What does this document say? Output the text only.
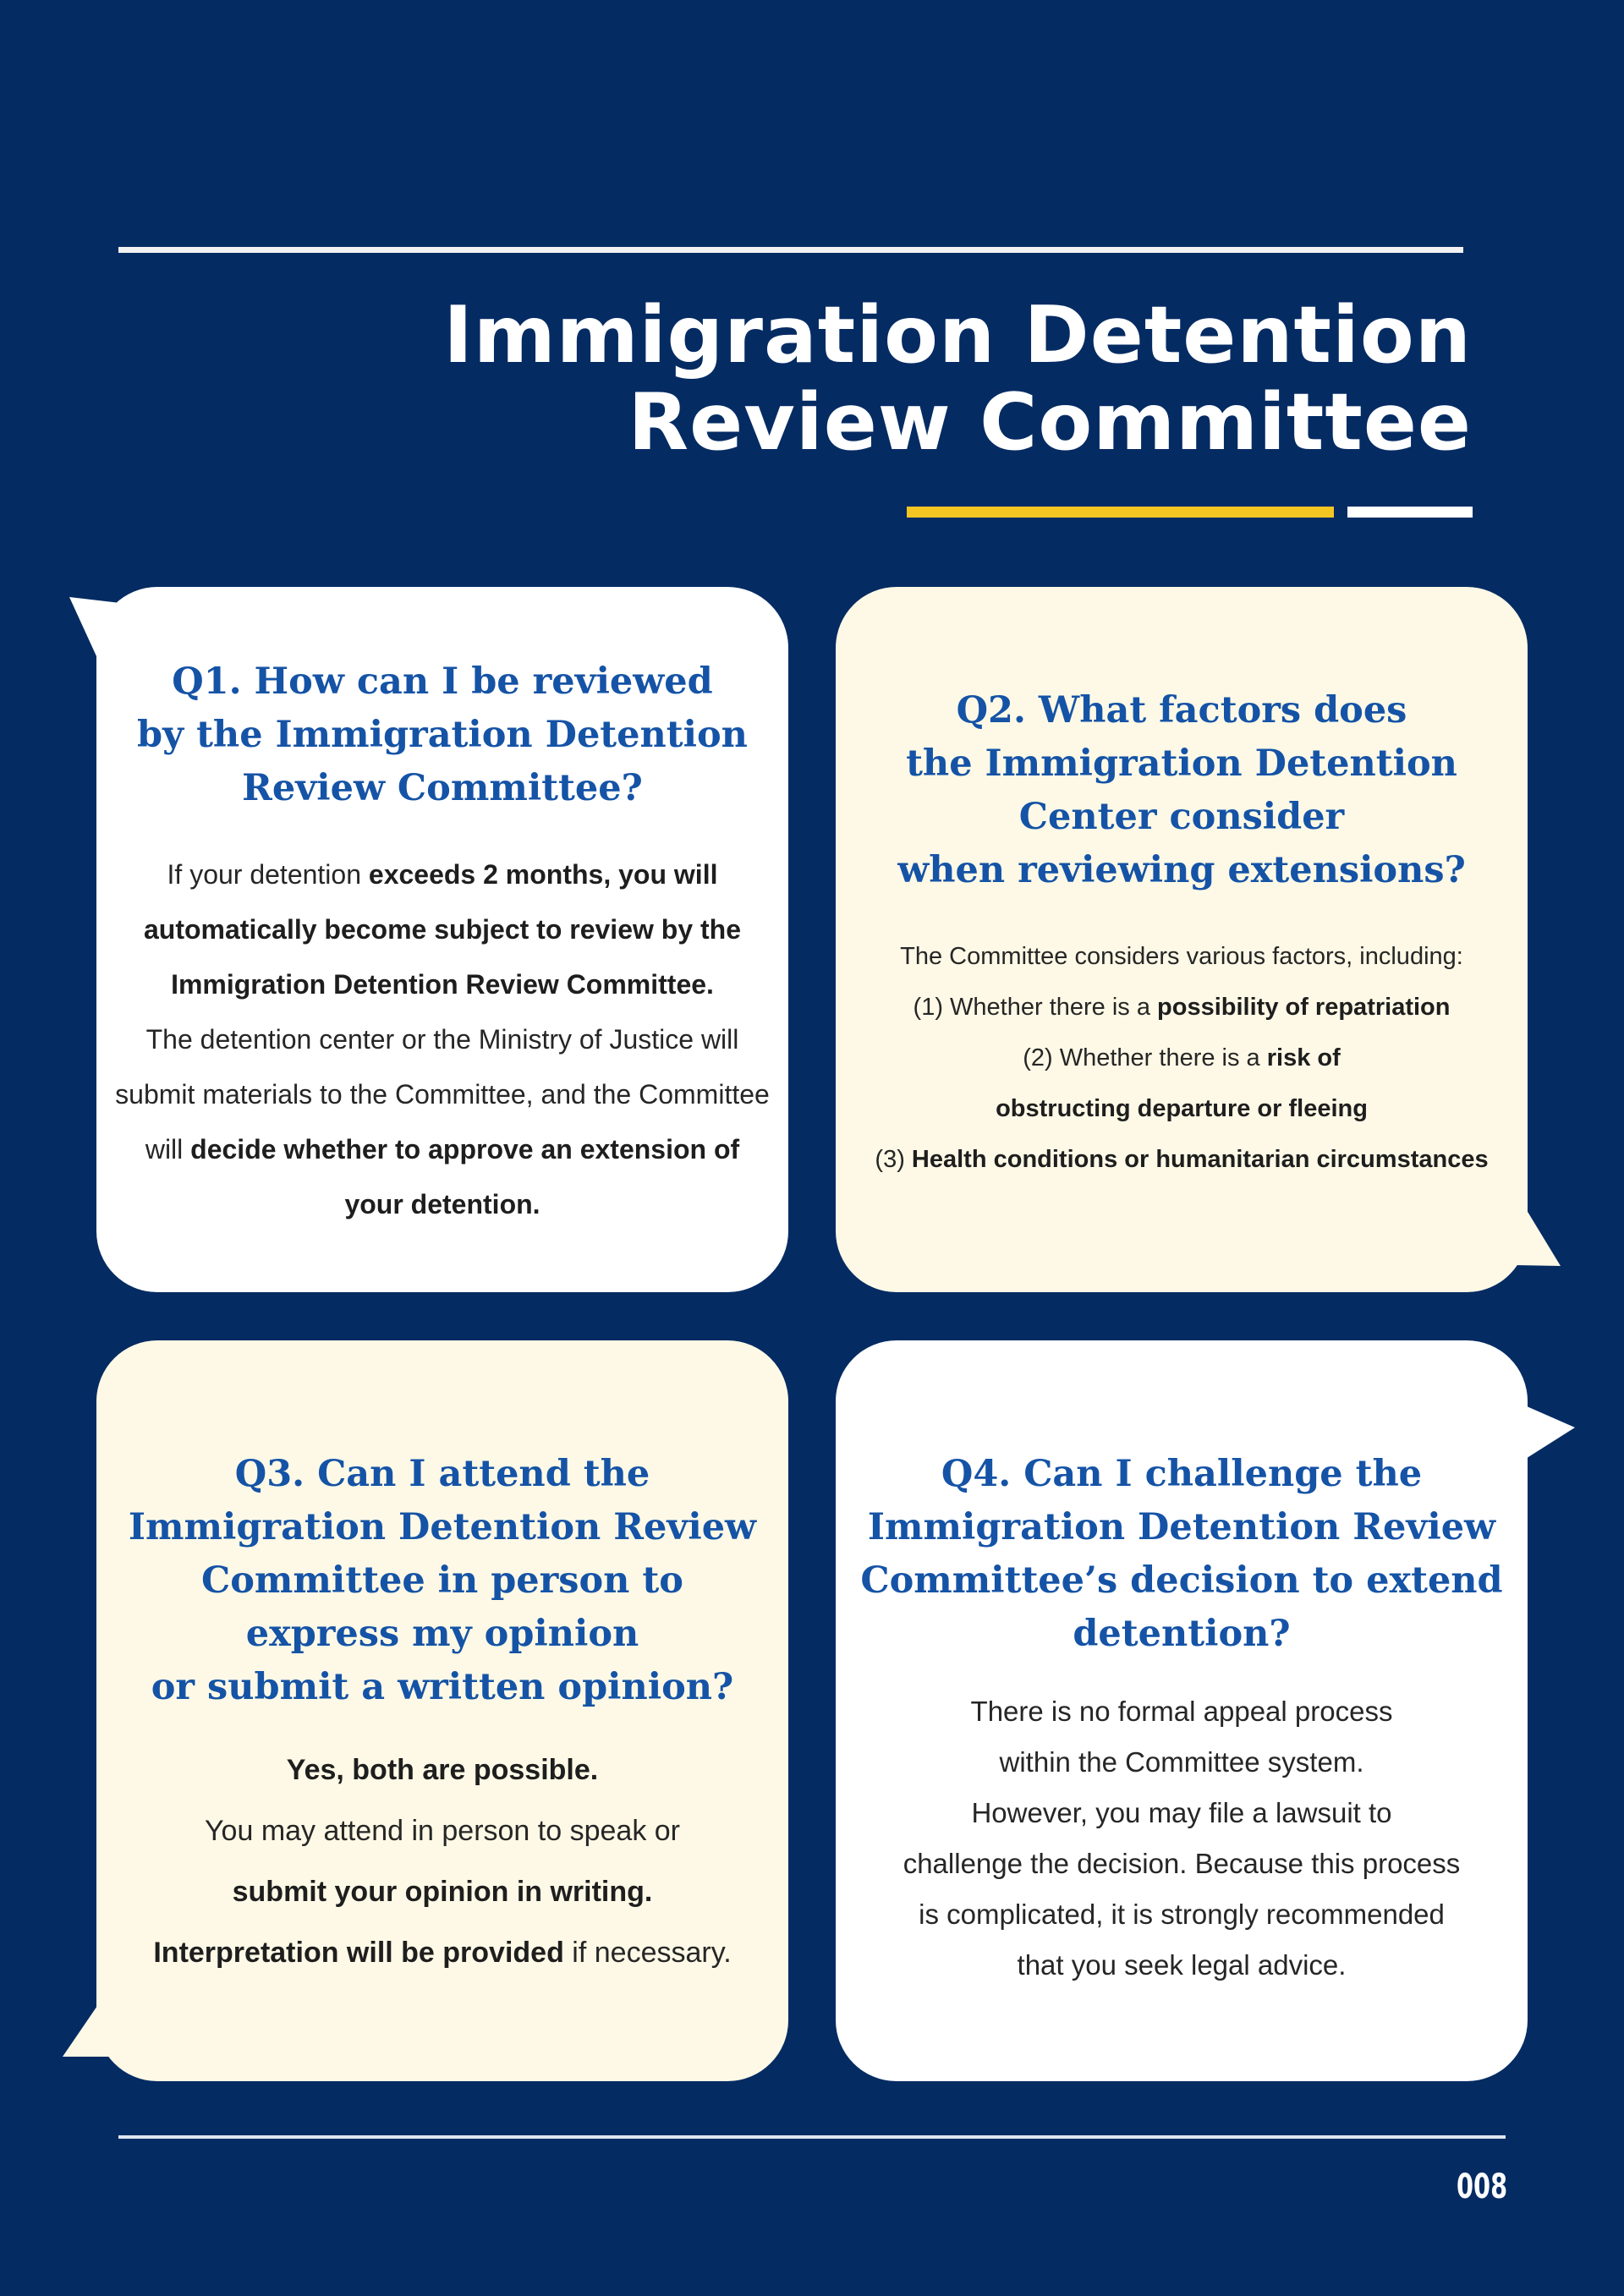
Immigration Detention
Review Committee
Q1. How can I be reviewed
by the Immigration Detention
Review Committee?

If your detention exceeds 2 months, you will automatically become subject to review by the Immigration Detention Review Committee.

The detention center or the Ministry of Justice will submit materials to the Committee, and the Committee will decide whether to approve an extension of your detention.

Q2. What factors does
the Immigration Detention
Center consider
when reviewing extensions?

The Committee considers various factors, including:

(1) Whether there is a possibility of repatriation

(2) Whether there is a risk of

obstructing departure or fleeing

(3) Health conditions or humanitarian circumstances

Q3. Can I attend the
Immigration Detention Review
Committee in person to
express my opinion
or submit a written opinion?

Yes, both are possible.

You may attend in person to speak or

submit your opinion in writing.

Interpretation will be provided if necessary.

Q4. Can I challenge the
Immigration Detention Review
Committee’s decision to extend
detention?

There is no formal appeal process

within the Committee system.

However, you may file a lawsuit to

challenge the decision. Because this process

is complicated, it is strongly recommended

that you seek legal advice.

008
